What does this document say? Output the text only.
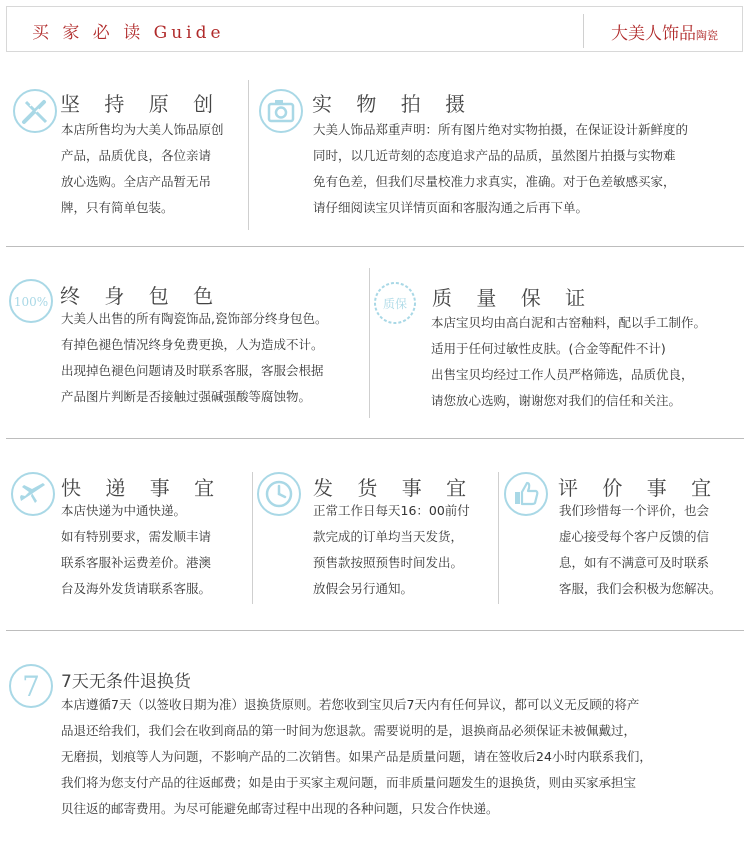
买 家 必 读 Guide	大美人饰品陶瓷
坚 持 原 创
本店所售均为大美人饰品原创
产品，品质优良，各位亲请
放心选购。全店产品暂无吊
牌，只有简单包装。
实 物 拍 摄
大美人饰品郑重声明：所有图片绝对实物拍摄，在保证设计新鲜度的
同时，以几近苛刻的态度追求产品的品质，虽然图片拍摄与实物难
免有色差，但我们尽量校准力求真实，准确。对于色差敏感买家，
请仔细阅读宝贝详情页面和客服沟通之后再下单。
100% 终 身 包 色
大美人出售的所有陶瓷饰品,瓷饰部分终身包色。
有掉色褪色情况终身免费更换，人为造成不计。
出现掉色褪色问题请及时联系客服，客服会根据
产品图片判断是否接触过强碱强酸等腐蚀物。
质保 质 量 保 证
本店宝贝均由高白泥和古窑釉料，配以手工制作。
适用于任何过敏性皮肤。(合金等配件不计)
出售宝贝均经过工作人员严格筛选，品质优良，
请您放心选购，谢谢您对我们的信任和关注。
快 递 事 宜
本店快递为中通快递。
如有特别要求，需发顺丰请
联系客服补运费差价。港澳
台及海外发货请联系客服。
发 货 事 宜
正常工作日每天16：00前付
款完成的订单均当天发货，
预售款按照预售时间发出。
放假会另行通知。
评 价 事 宜
我们珍惜每一个评价，也会
虚心接受每个客户反馈的信
息，如有不满意可及时联系
客服，我们会积极为您解决。
7 7天无条件退换货
本店遵循7天（以签收日期为准）退换货原则。若您收到宝贝后7天内有任何异议，都可以义无反顾的将产
品退还给我们，我们会在收到商品的第一时间为您退款。需要说明的是，退换商品必须保证未被佩戴过，
无磨损，划痕等人为问题，不影响产品的二次销售。如果产品是质量问题，请在签收后24小时内联系我们，
我们将为您支付产品的往返邮费；如是由于买家主观问题，而非质量问题发生的退换货，则由买家承担宝
贝往返的邮寄费用。为尽可能避免邮寄过程中出现的各种问题，只发合作快递。
